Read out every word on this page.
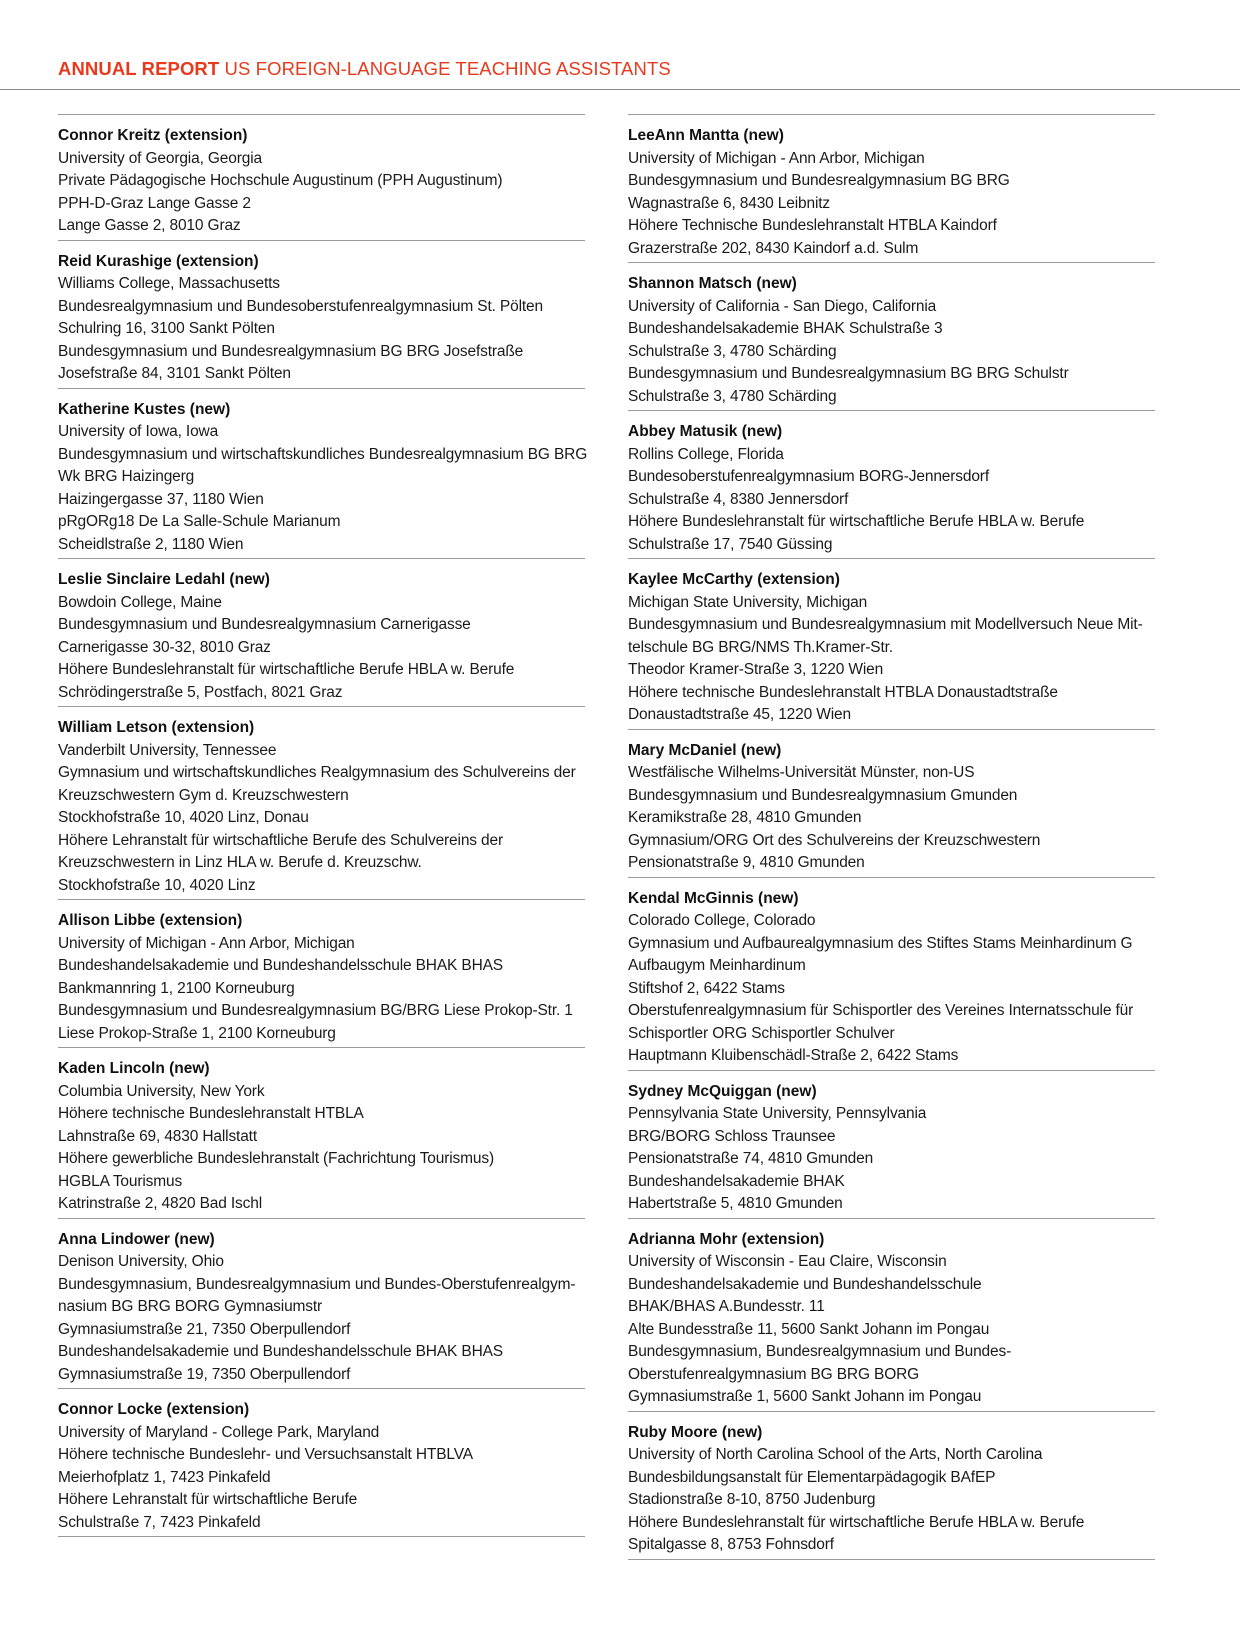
ANNUAL REPORT US FOREIGN-LANGUAGE TEACHING ASSISTANTS
Connor Kreitz (extension)
University of Georgia, Georgia
Private Pädagogische Hochschule Augustinum (PPH Augustinum)
PPH-D-Graz Lange Gasse 2
Lange Gasse 2, 8010 Graz
Reid Kurashige (extension)
Williams College, Massachusetts
Bundesrealgymnasium und Bundesoberstufenrealgymnasium St. Pölten
Schulring 16, 3100 Sankt Pölten
Bundesgymnasium und Bundesrealgymnasium BG BRG Josefstraße
Josefstraße 84, 3101 Sankt Pölten
Katherine Kustes (new)
University of Iowa, Iowa
Bundesgymnasium und wirtschaftskundliches Bundesrealgymnasium BG BRG
Wk BRG Haizingerg
Haizingergasse 37, 1180 Wien
pRgORg18 De La Salle-Schule Marianum
Scheidlstraße 2, 1180 Wien
Leslie Sinclaire Ledahl (new)
Bowdoin College, Maine
Bundesgymnasium und Bundesrealgymnasium Carnerigasse
Carnerigasse 30-32, 8010 Graz
Höhere Bundeslehranstalt für wirtschaftliche Berufe HBLA w. Berufe
Schrödingerstraße 5, Postfach, 8021 Graz
William Letson (extension)
Vanderbilt University, Tennessee
Gymnasium und wirtschaftskundliches Realgymnasium des Schulvereins der
Kreuzschwestern Gym d. Kreuzschwestern
Stockhofstraße 10, 4020 Linz, Donau
Höhere Lehranstalt für wirtschaftliche Berufe des Schulvereins der
Kreuzschwestern in Linz HLA w. Berufe d. Kreuzschw.
Stockhofstraße 10, 4020 Linz
Allison Libbe (extension)
University of Michigan - Ann Arbor, Michigan
Bundeshandelsakademie und Bundeshandelsschule BHAK BHAS
Bankmannring 1, 2100 Korneuburg
Bundesgymnasium und Bundesrealgymnasium BG/BRG Liese Prokop-Str. 1
Liese Prokop-Straße 1, 2100 Korneuburg
Kaden Lincoln (new)
Columbia University, New York
Höhere technische Bundeslehranstalt HTBLA
Lahnstraße 69, 4830 Hallstatt
Höhere gewerbliche Bundeslehranstalt (Fachrichtung Tourismus)
HGBLA Tourismus
Katrinstraße 2, 4820 Bad Ischl
Anna Lindower (new)
Denison University, Ohio
Bundesgymnasium, Bundesrealgymnasium und Bundes-Oberstufenrealgym-
nasium BG BRG BORG Gymnasiumstr
Gymnasiumstraße 21, 7350 Oberpullendorf
Bundeshandelsakademie und Bundeshandelsschule BHAK BHAS
Gymnasiumstraße 19, 7350 Oberpullendorf
Connor Locke (extension)
University of Maryland - College Park, Maryland
Höhere technische Bundeslehr- und Versuchsanstalt HTBLVA
Meierhofplatz 1, 7423 Pinkafeld
Höhere Lehranstalt für wirtschaftliche Berufe
Schulstraße 7, 7423 Pinkafeld
LeeAnn Mantta (new)
University of Michigan - Ann Arbor, Michigan
Bundesgymnasium und Bundesrealgymnasium BG BRG
Wagnastraße 6, 8430 Leibnitz
Höhere Technische Bundeslehranstalt HTBLA Kaindorf
Grazerstraße 202, 8430 Kaindorf a.d. Sulm
Shannon Matsch (new)
University of California - San Diego, California
Bundeshandelsakademie BHAK Schulstraße 3
Schulstraße 3, 4780 Schärding
Bundesgymnasium und Bundesrealgymnasium BG BRG Schulstr
Schulstraße 3, 4780 Schärding
Abbey Matusik (new)
Rollins College, Florida
Bundesoberstufenrealgymnasium BORG-Jennersdorf
Schulstraße 4, 8380 Jennersdorf
Höhere Bundeslehranstalt für wirtschaftliche Berufe HBLA w. Berufe
Schulstraße 17, 7540 Güssing
Kaylee McCarthy (extension)
Michigan State University, Michigan
Bundesgymnasium und Bundesrealgymnasium mit Modellversuch Neue Mit-
telschule BG BRG/NMS Th.Kramer-Str.
Theodor Kramer-Straße 3, 1220 Wien
Höhere technische Bundeslehranstalt HTBLA Donaustadtstraße
Donaustadtstraße 45, 1220 Wien
Mary McDaniel (new)
Westfälische Wilhelms-Universität Münster, non-US
Bundesgymnasium und Bundesrealgymnasium Gmunden
Keramikstraße 28, 4810 Gmunden
Gymnasium/ORG Ort des Schulvereins der Kreuzschwestern
Pensionatstraße 9, 4810 Gmunden
Kendal McGinnis (new)
Colorado College, Colorado
Gymnasium und Aufbaurealgymnasium des Stiftes Stams Meinhardinum G
Aufbaugym Meinhardinum
Stiftshof 2, 6422 Stams
Oberstufenrealgymnasium für Schisportler des Vereines Internatsschule für
Schisportler ORG Schisportler Schulver
Hauptmann Kluibenschädl-Straße 2, 6422 Stams
Sydney McQuiggan (new)
Pennsylvania State University, Pennsylvania
BRG/BORG Schloss Traunsee
Pensionatstraße 74, 4810 Gmunden
Bundeshandelsakademie BHAK
Habertstraße 5, 4810 Gmunden
Adrianna Mohr (extension)
University of Wisconsin - Eau Claire, Wisconsin
Bundeshandelsakademie und Bundeshandelsschule
BHAK/BHAS A.Bundesstr. 11
Alte Bundesstraße 11, 5600 Sankt Johann im Pongau
Bundesgymnasium, Bundesrealgymnasium und Bundes-
Oberstufenrealgymnasium BG BRG BORG
Gymnasiumstraße 1, 5600 Sankt Johann im Pongau
Ruby Moore (new)
University of North Carolina School of the Arts, North Carolina
Bundesbildungsanstalt für Elementarpädagogik BAfEP
Stadionstraße 8-10, 8750 Judenburg
Höhere Bundeslehranstalt für wirtschaftliche Berufe HBLA w. Berufe
Spitalgasse 8, 8753 Fohnsdorf
